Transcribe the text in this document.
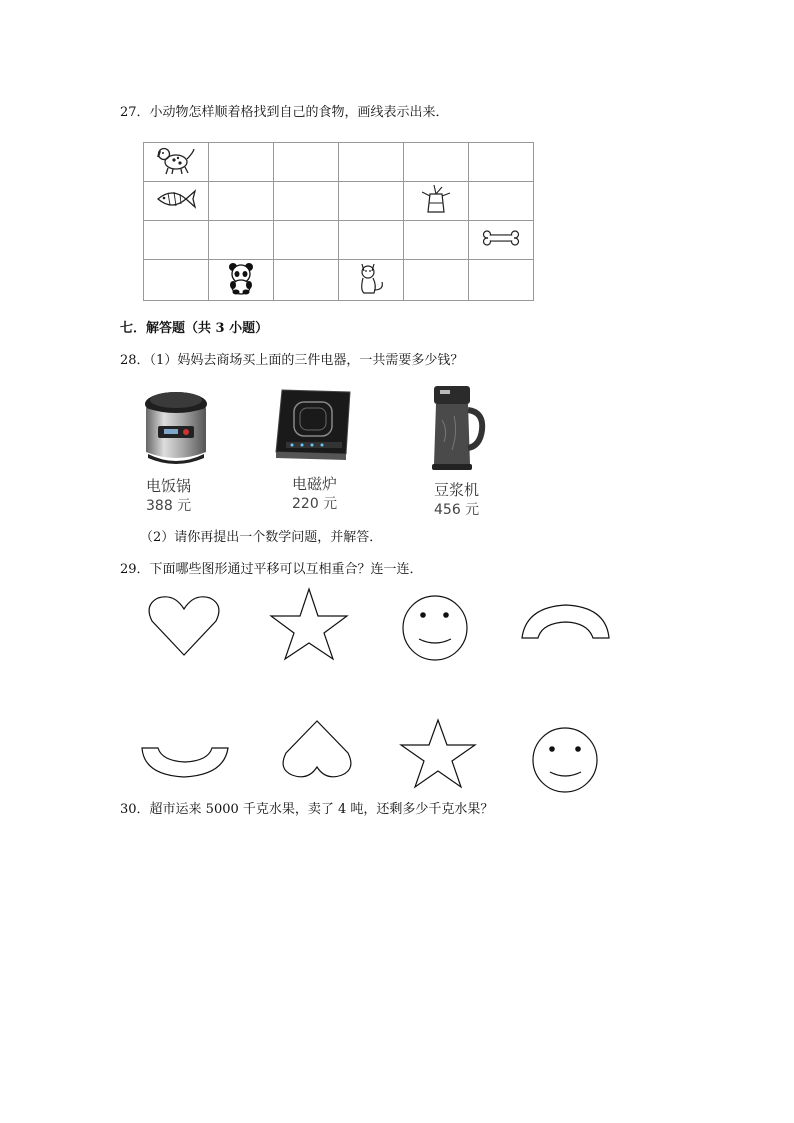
27．小动物怎样顺着格找到自己的食物，画线表示出来．

七．解答题（共 3 小题）
28．（1）妈妈去商场买上面的三件电器，一共需要多少钱？
电饭锅
388 元
电磁炉
220 元
豆浆机
456 元
（2）请你再提出一个数学问题，并解答．
29．下面哪些图形通过平移可以互相重合？连一连．
30．超市运来 5000 千克水果，卖了 4 吨，还剩多少千克水果？
